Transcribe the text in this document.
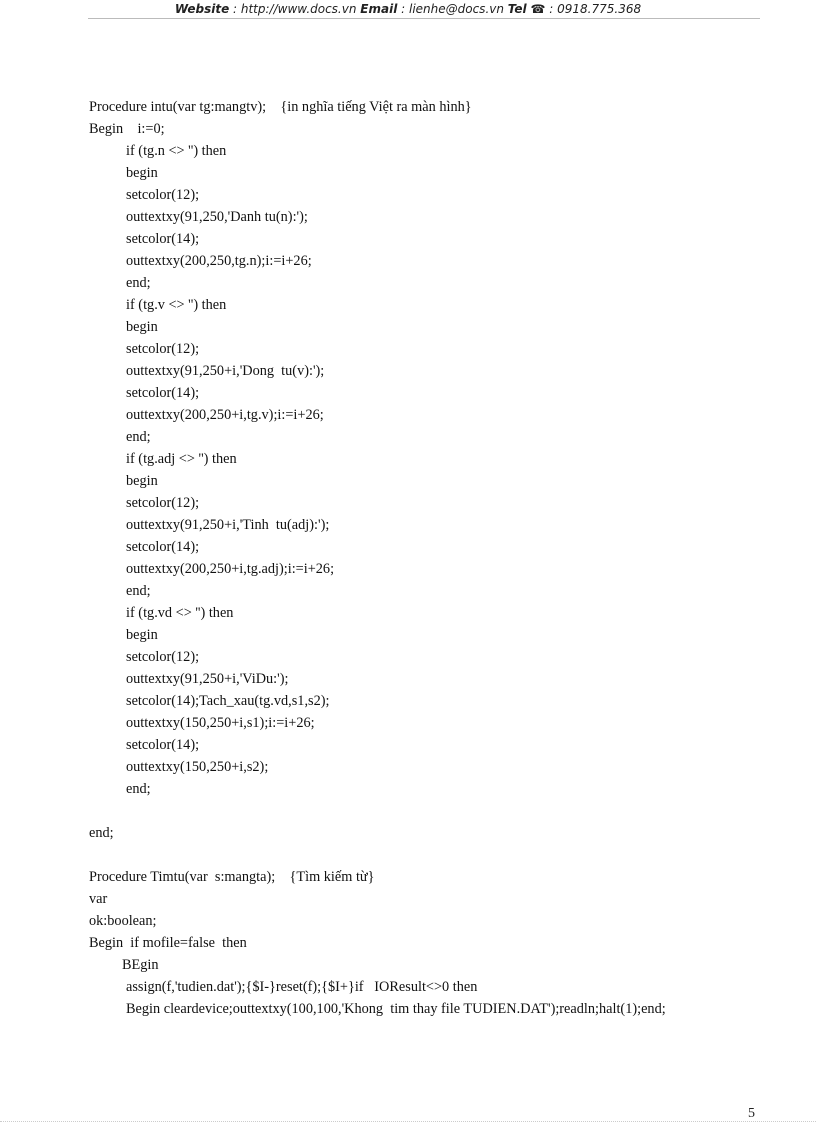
Website : http://www.docs.vn Email : lienhe@docs.vn Tel ☎ : 0918.775.368
Procedure intu(var tg:mangtv);    {in nghĩa tiếng Việt ra màn hình}
Begin    i:=0;
if (tg.n <> '') then
begin
setcolor(12);
outtextxy(91,250,'Danh tu(n):');
setcolor(14);
outtextxy(200,250,tg.n);i:=i+26;
end;
if (tg.v <> '') then
begin
setcolor(12);
outtextxy(91,250+i,'Dong  tu(v):');
setcolor(14);
outtextxy(200,250+i,tg.v);i:=i+26;
end;
if (tg.adj <> '') then
begin
setcolor(12);
outtextxy(91,250+i,'Tinh  tu(adj):');
setcolor(14);
outtextxy(200,250+i,tg.adj);i:=i+26;
end;
if (tg.vd <> '') then
begin
setcolor(12);
outtextxy(91,250+i,'ViDu:');
setcolor(14);Tach_xau(tg.vd,s1,s2);
outtextxy(150,250+i,s1);i:=i+26;
setcolor(14);
outtextxy(150,250+i,s2);
end;
end;
Procedure Timtu(var  s:mangta);    {Tìm kiếm từ}
var
ok:boolean;
Begin  if mofile=false  then
BEgin
assign(f,'tudien.dat');{$I-}reset(f);{$I+}if   IOResult<>0 then
Begin cleardevice;outtextxy(100,100,'Khong  tim thay file TUDIEN.DAT');readln;halt(1);end;
5
